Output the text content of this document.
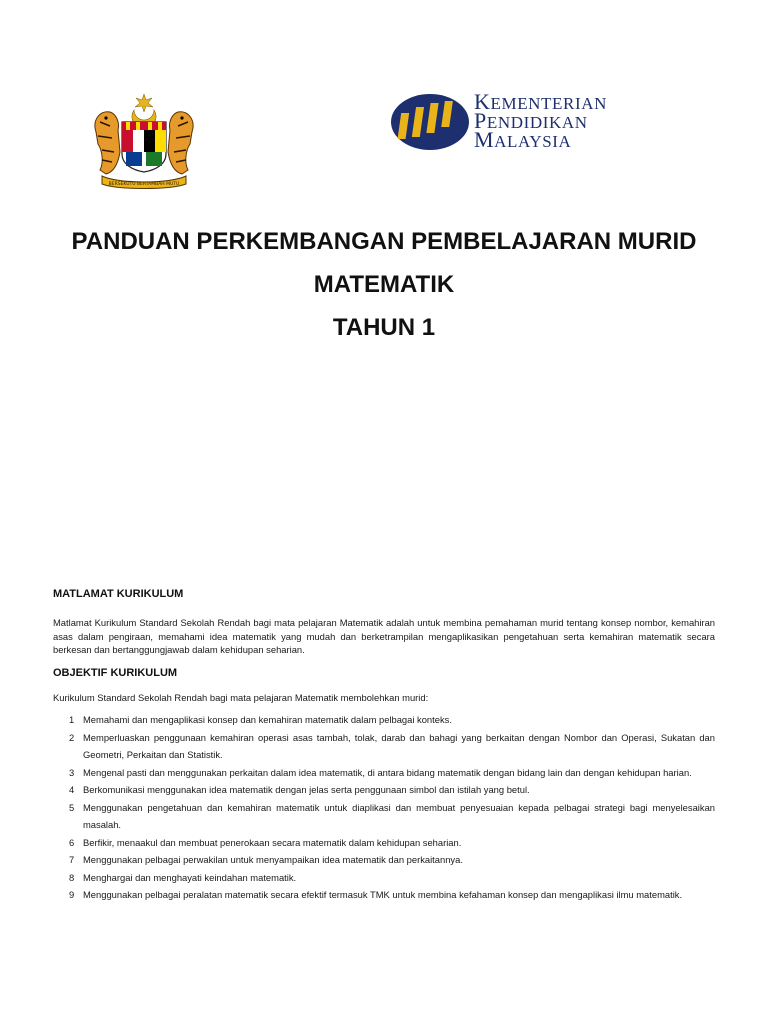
BERSEKUTU BERTAMBAH MUTU
KEMENTERIAN
PENDIDIKAN
MALAYSIA
PANDUAN PERKEMBANGAN PEMBELAJARAN MURID
MATEMATIK
TAHUN 1
MATLAMAT KURIKULUM
Matlamat Kurikulum Standard Sekolah Rendah bagi mata pelajaran Matematik adalah untuk membina pemahaman murid tentang konsep nombor, kemahiran asas dalam pengiraan, memahami idea matematik yang mudah dan berketrampilan mengaplikasikan pengetahuan serta kemahiran matematik secara berkesan dan bertanggungjawab dalam kehidupan seharian.
OBJEKTIF KURIKULUM
Kurikulum Standard Sekolah Rendah bagi mata pelajaran Matematik membolehkan murid:
1 Memahami dan mengaplikasi konsep dan kemahiran matematik dalam pelbagai konteks.
2 Memperluaskan penggunaan kemahiran operasi asas tambah, tolak, darab dan bahagi yang berkaitan dengan Nombor dan Operasi, Sukatan dan Geometri, Perkaitan dan Statistik.
3 Mengenal pasti dan menggunakan perkaitan dalam idea matematik, di antara bidang matematik dengan bidang lain dan dengan kehidupan harian.
4 Berkomunikasi menggunakan idea matematik dengan jelas serta penggunaan simbol dan istilah yang betul.
5 Menggunakan pengetahuan dan kemahiran matematik untuk diaplikasi dan membuat penyesuaian kepada pelbagai strategi bagi menyelesaikan masalah.
6 Berfikir, menaakul dan membuat penerokaan secara matematik dalam kehidupan seharian.
7 Menggunakan pelbagai perwakilan untuk menyampaikan idea matematik dan perkaitannya.
8 Menghargai dan menghayati keindahan matematik.
9 Menggunakan pelbagai peralatan matematik secara efektif termasuk TMK untuk membina kefahaman konsep dan mengaplikasi ilmu matematik.
